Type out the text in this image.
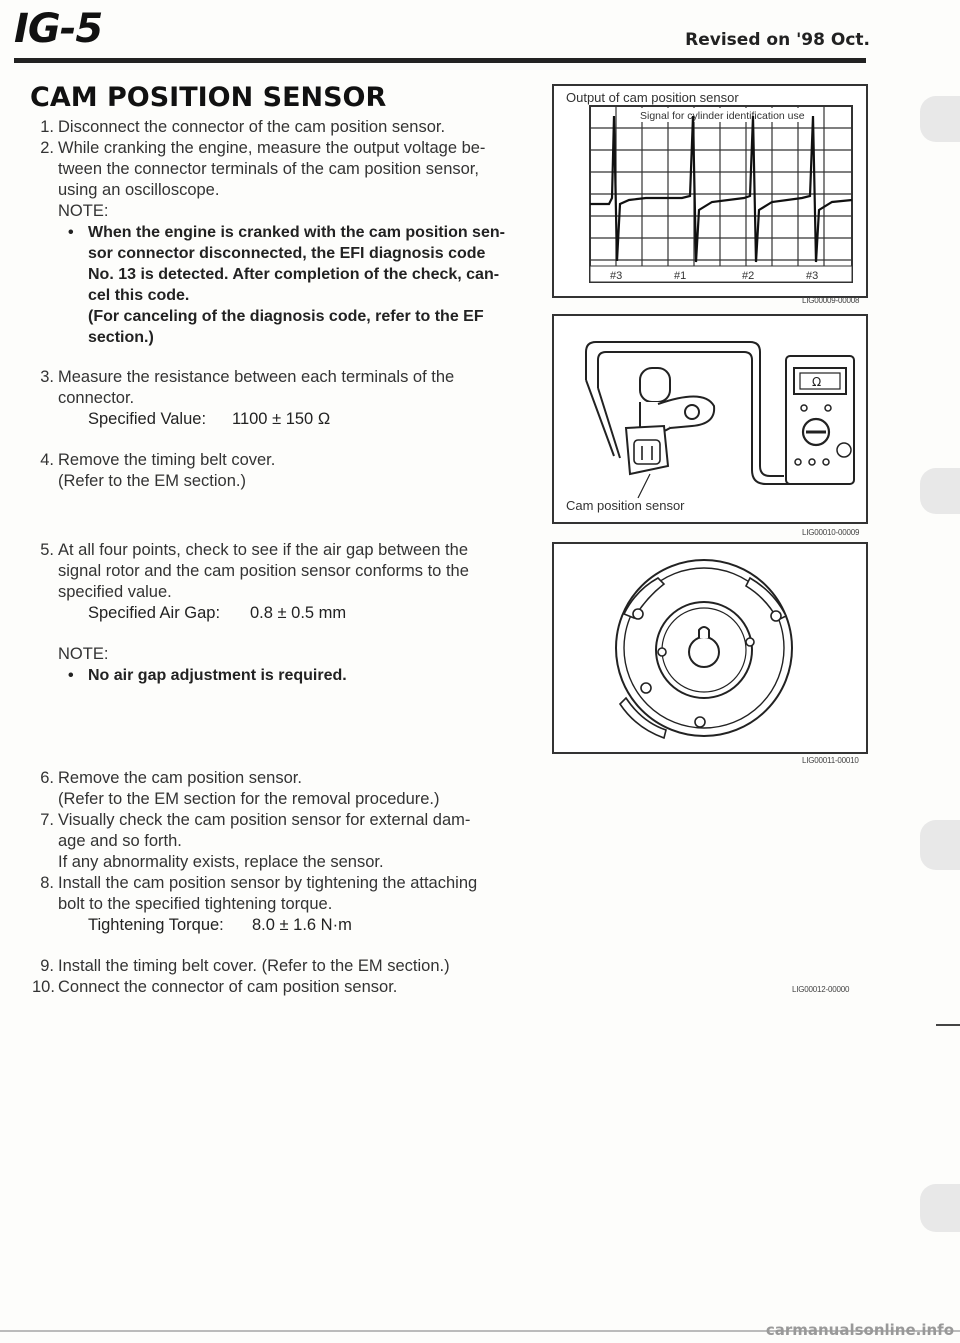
IG-5	Revised on '98 Oct.
CAM POSITION SENSOR
1. Disconnect the connector of the cam position sensor.
2. While cranking the engine, measure the output voltage be-
tween the connector terminals of the cam position sensor,
using an oscilloscope.
NOTE:
• When the engine is cranked with the cam position sen-
sor connector disconnected, the EFI diagnosis code
No. 13 is detected. After completion of the check, can-
cel this code.
(For canceling of the diagnosis code, refer to the EF
section.)
3. Measure the resistance between each terminals of the
connector.
Specified Value: 1100 ± 150 Ω
4. Remove the timing belt cover.
(Refer to the EM section.)
5. At all four points, check to see if the air gap between the
signal rotor and the cam position sensor conforms to the
specified value.
Specified Air Gap: 0.8 ± 0.5 mm
NOTE:
• No air gap adjustment is required.
6. Remove the cam position sensor.
(Refer to the EM section for the removal procedure.)
7. Visually check the cam position sensor for external dam-
age and so forth.
If any abnormality exists, replace the sensor.
8. Install the cam position sensor by tightening the attaching
bolt to the specified tightening torque.
Tightening Torque: 8.0 ± 1.6 N·m
9. Install the timing belt cover. (Refer to the EM section.)
10. Connect the connector of cam position sensor.
Output of cam position sensor
Signal for cylinder identification use
#3	#1	#2	#3
LIG00009-00008
Ω
Cam position sensor
LIG00010-00009
LIG00011-00010
LIG00012-00000
carmanualsonline.info
